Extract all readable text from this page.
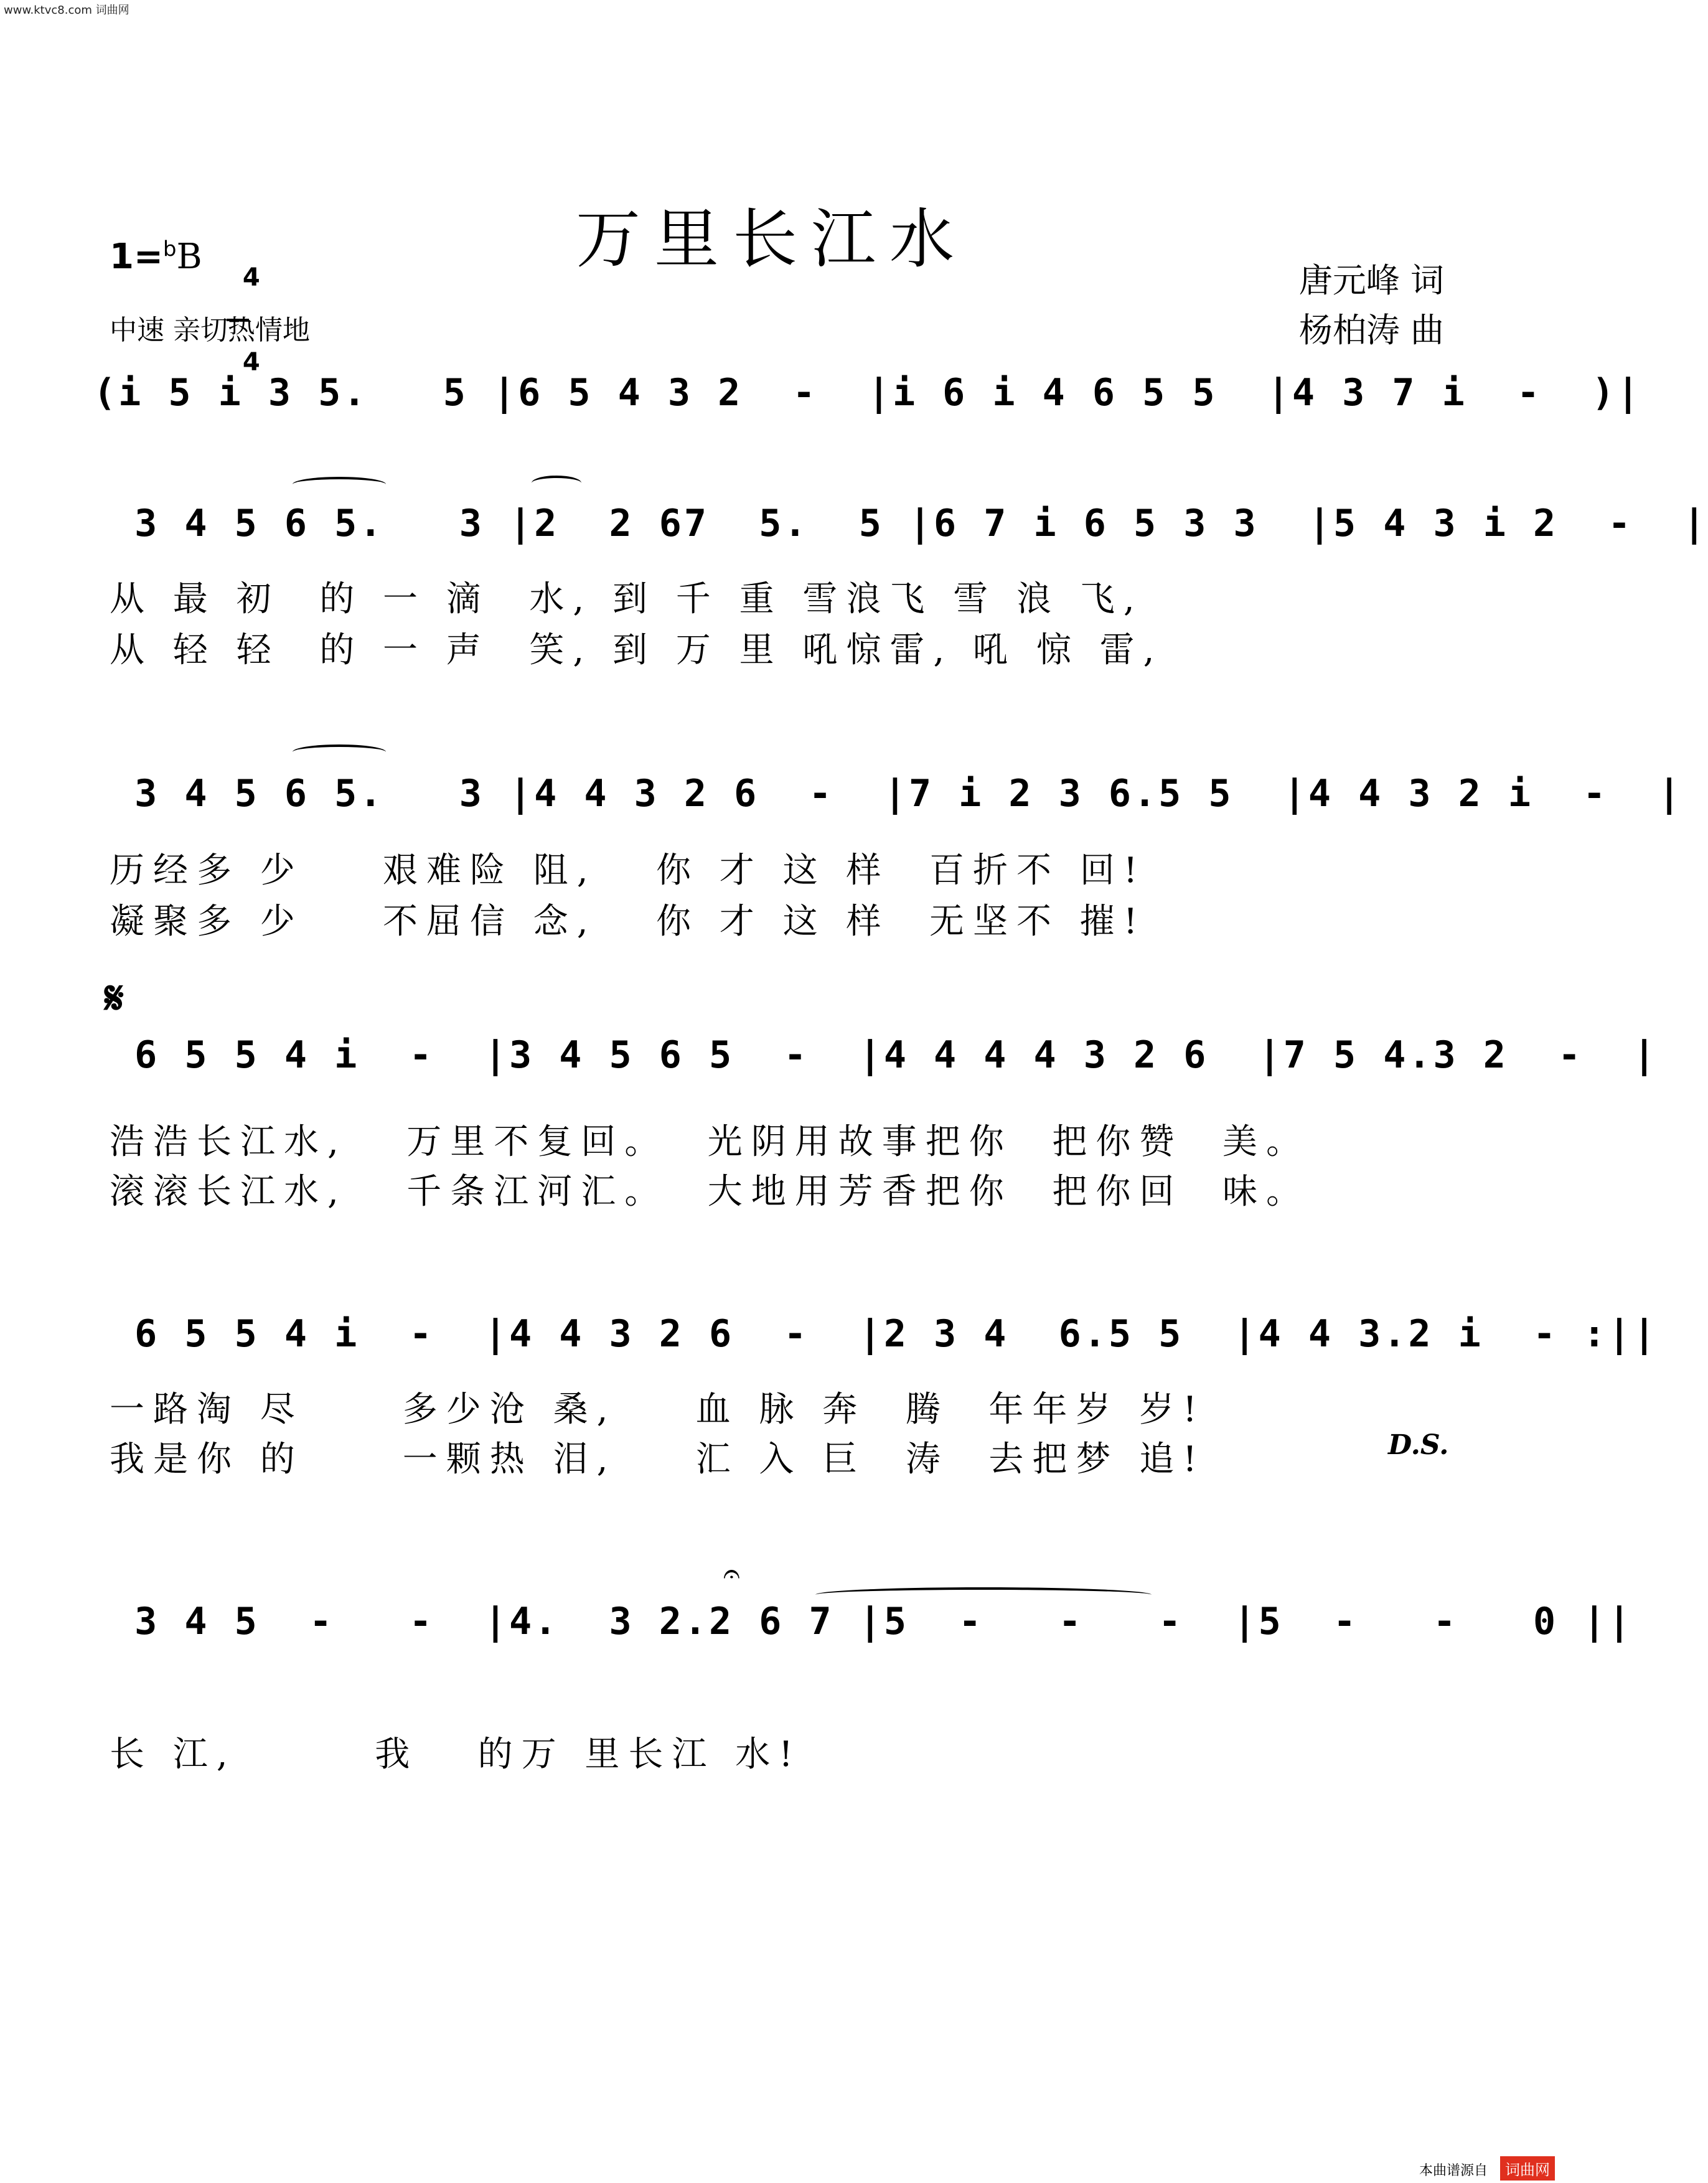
www.ktvc8.com 词曲网
万里长江水
1=$^b$B

4

4

中速 亲切热情地
唐元峰 词
杨柏涛 曲
(i 5 i 3 5.   5 |6 5 4 3 2  -  |i 6 i 4 6 5 5  |4 3 7 i  -  )|
3 4 5 6 5.   3 |2  2 67  5.  5 |6 7 i 6 5 3 3  |5 4 3 i 2  -  |
从 最 初  的 一 滴  水, 到 千 重 雪浪飞 雪 浪 飞,
从 轻 轻  的 一 声  笑, 到 万 里 吼惊雷, 吼 惊 雷,
3 4 5 6 5.   3 |4 4 3 2 6  -  |7 i 2 3 6.5 5  |4 4 3 2 i  -  |
历经多 少    艰难险 阻,   你 才 这 样  百折不 回!
凝聚多 少    不屈信 念,   你 才 这 样  无坚不 摧!
𝄋
6 5 5 4 i  -  |3 4 5 6 5  -  |4 4 4 4 3 2 6  |7 5 4.3 2  -  |
浩浩长江水,   万里不复回。  光阴用故事把你  把你赞  美。
滚滚长江水,   千条江河汇。  大地用芳香把你  把你回  味。
6 5 5 4 i  -  |4 4 3 2 6  -  |2 3 4  6.5 5  |4 4 3.2 i  - :||
一路淘 尽     多少沧 桑,    血 脉 奔  腾  年年岁 岁!
我是你 的     一颗热 泪,    汇 入 巨  涛  去把梦 追!	D.S.
𝄐
3 4 5  -   -  |4.  3 2.2 6 7 |5  -   -   -  |5  -   -   0 ||
长 江,       我   的万 里长江 水!
本曲谱源自	词曲网
